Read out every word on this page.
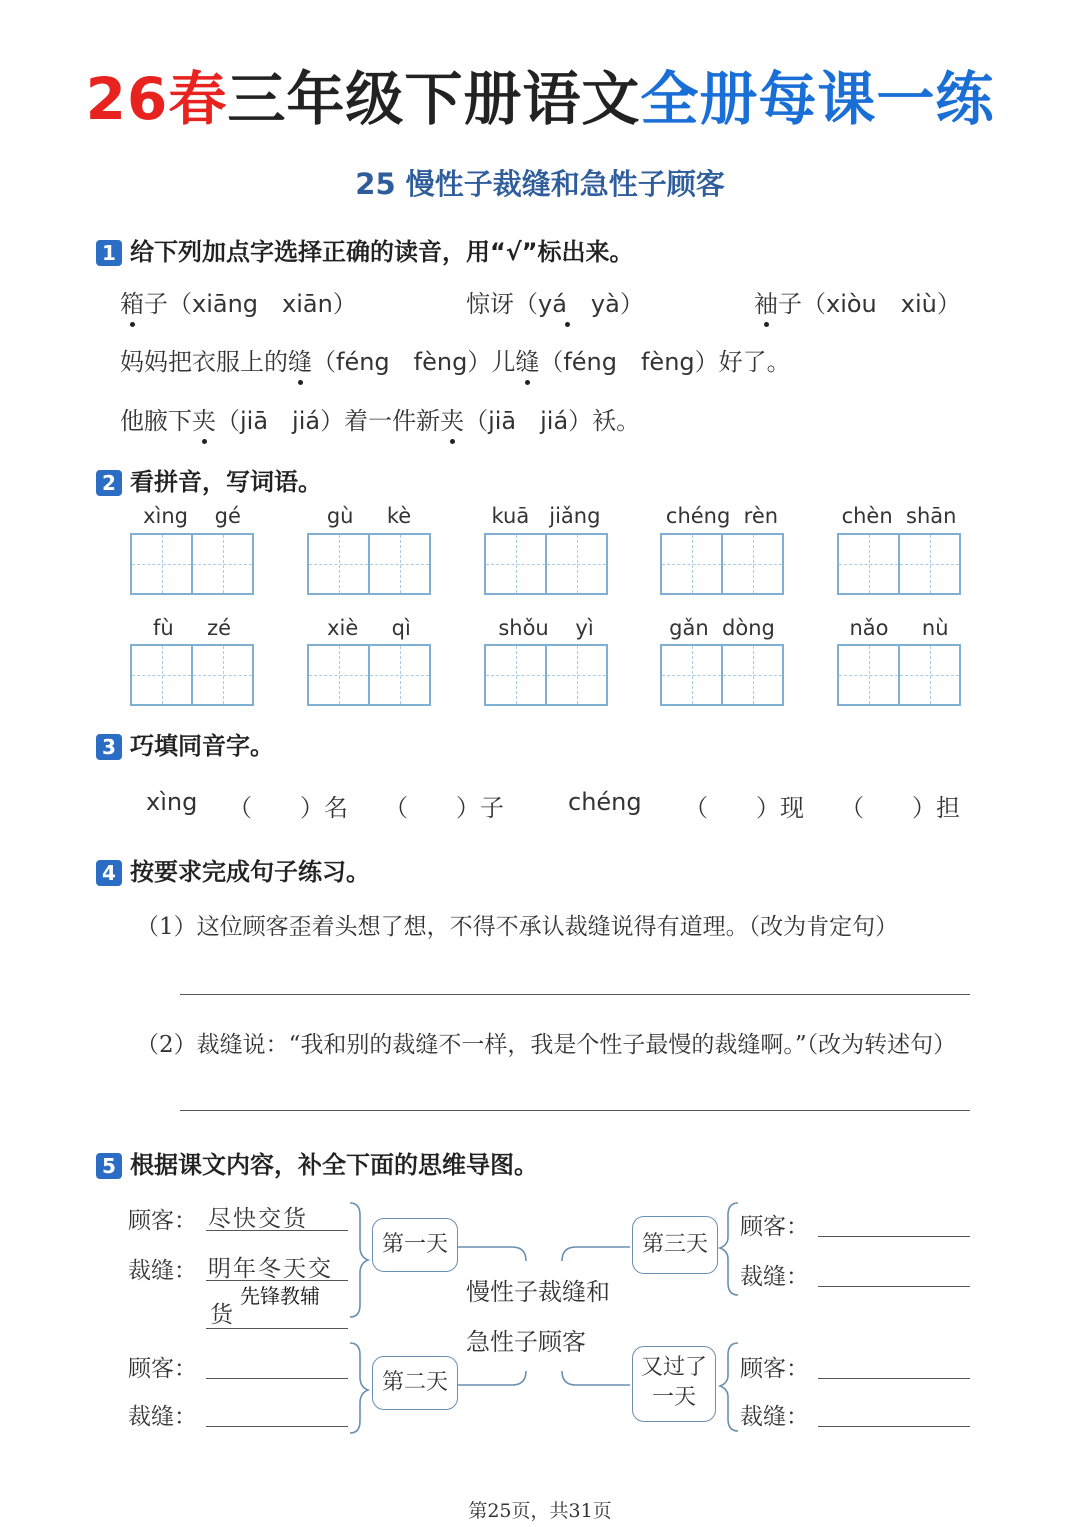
26春三年级下册语文全册每课一练
25 慢性子裁缝和急性子顾客
1 给下列加点字选择正确的读音，用“√”标出来。
箱子（xiāng　xiān）	惊讶（yá　yà）	袖子（xiòu　xiù）
妈妈把衣服上的缝（féng　fèng）儿缝（féng　fèng）好了。
他腋下夹（jiā　jiá）着一件新夹（jiā　jiá）袄。
2 看拼音，写词语。
xìng    gé	gù     kè	kuā   jiǎng	chéng  rèn	chèn  shān
fù     zé	xiè     qì	shǒu    yì	gǎn  dòng	nǎo     nù
3 巧填同音字。
xìng （　　）名 （　　）子	chéng （　　）现 （　　）担
4 按要求完成句子练习。
（1）这位顾客歪着头想了想，不得不承认裁缝说得有道理。（改为肯定句）
（2）裁缝说：“我和别的裁缝不一样，我是个性子最慢的裁缝啊。”（改为转述句）
5 根据课文内容，补全下面的思维导图。
顾客： 尽快交货
裁缝： 明年冬天交
货
先锋教辅
顾客：
裁缝：
第一天
第二天
第三天
又过了
一天
慢性子裁缝和
急性子顾客
顾客：
裁缝：
顾客：
裁缝：
第25页，共31页
